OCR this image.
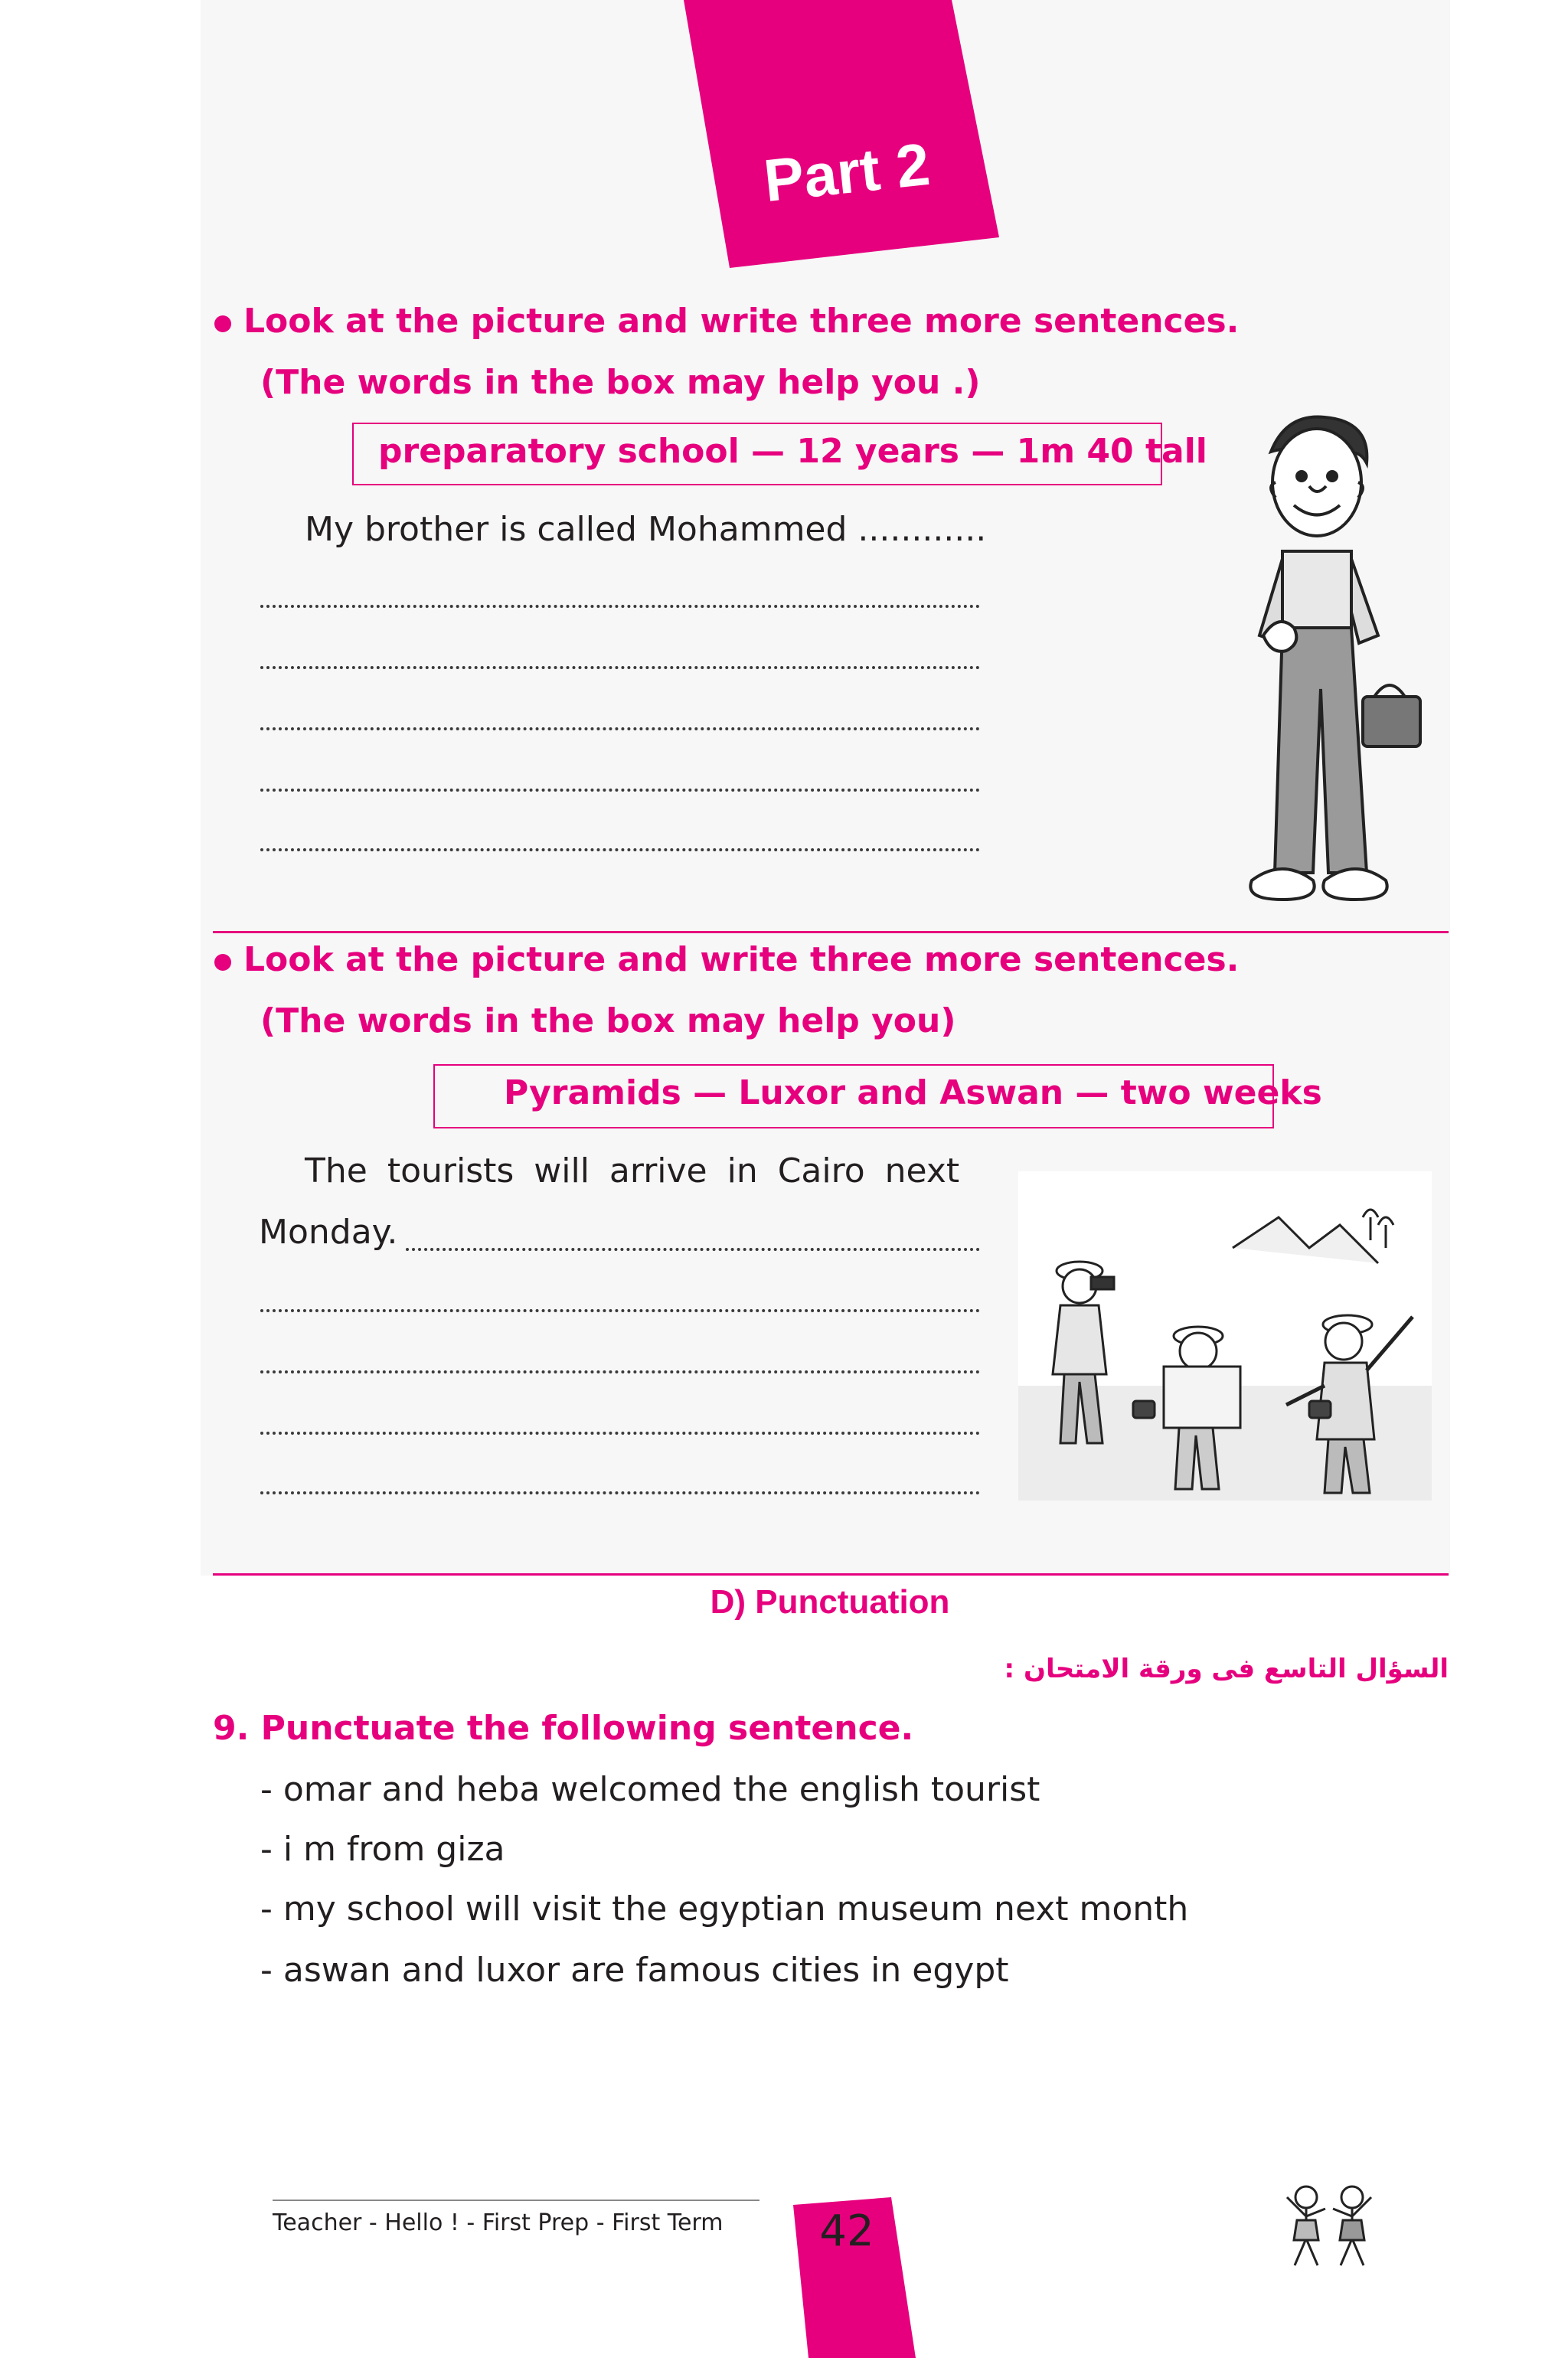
Part 2
Look at the picture and write three more sentences.
(The words in the box may help you .)
preparatory school — 12 years — 1m 40 tall
My brother is called Mohammed ............
Look at the picture and write three more sentences.
(The words in the box may help you)
Pyramids — Luxor and Aswan — two weeks
The tourists will arrive in Cairo next
Monday.
D) Punctuation
السؤال التاسع فى ورقة الامتحان :
9. Punctuate the following sentence.
- omar and heba welcomed the english tourist
- i m from giza
- my school will visit the egyptian museum next month
- aswan and luxor are famous cities in egypt
Teacher - Hello ! - First Prep - First Term	42
